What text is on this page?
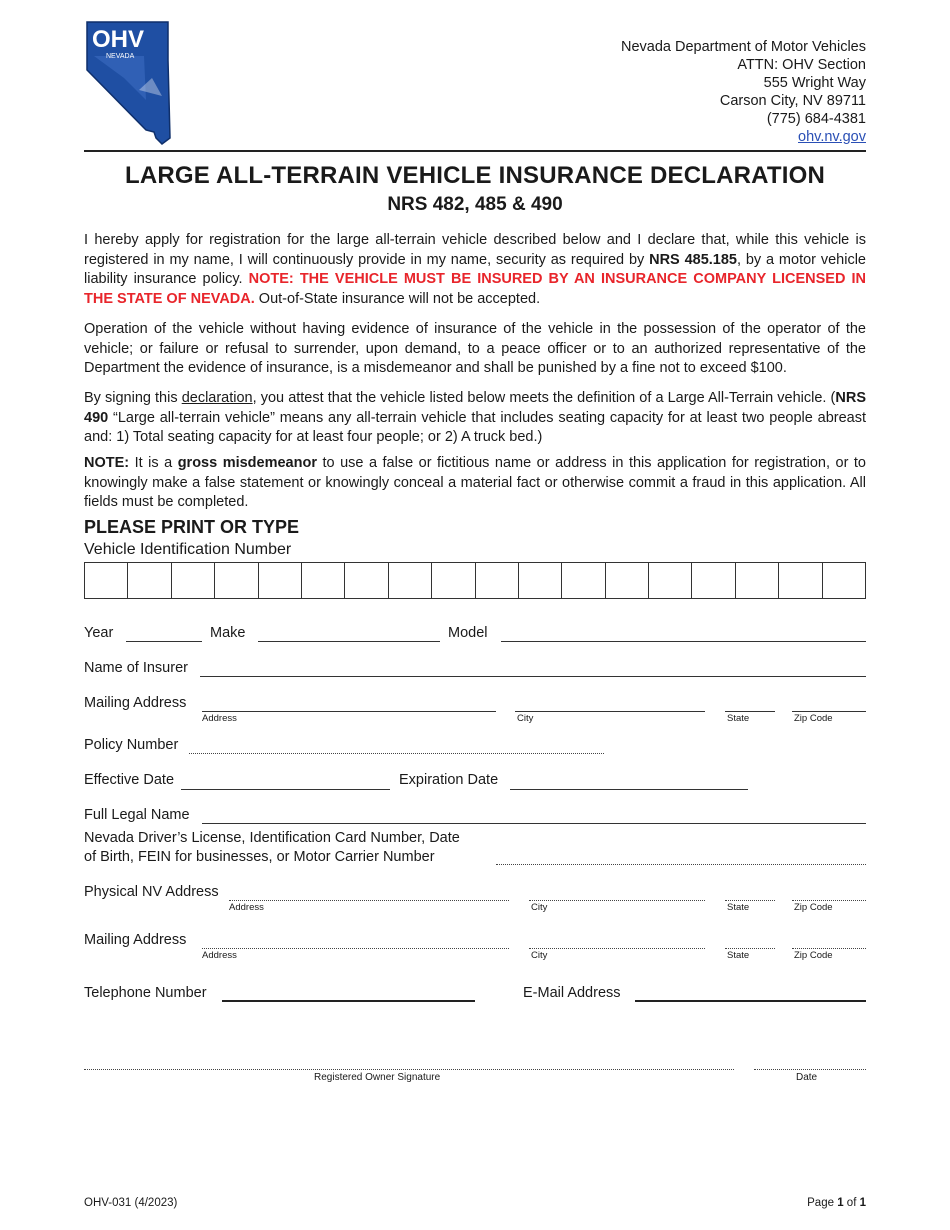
OHV
NEVADA
Nevada Department of Motor Vehicles
ATTN: OHV Section
555 Wright Way
Carson City, NV 89711
(775) 684-4381
ohv.nv.gov
LARGE ALL-TERRAIN VEHICLE INSURANCE DECLARATION
NRS 482, 485 & 490
I hereby apply for registration for the large all-terrain vehicle described below and I declare that, while this vehicle is registered in my name, I will continuously provide in my name, security as required by NRS 485.185, by a motor vehicle liability insurance policy. NOTE: THE VEHICLE MUST BE INSURED BY AN INSURANCE COMPANY LICENSED IN THE STATE OF NEVADA. Out-of-State insurance will not be accepted.
Operation of the vehicle without having evidence of insurance of the vehicle in the possession of the operator of the vehicle; or failure or refusal to surrender, upon demand, to a peace officer or to an authorized representative of the Department the evidence of insurance, is a misdemeanor and shall be punished by a fine not to exceed $100.
By signing this declaration, you attest that the vehicle listed below meets the definition of a Large All-Terrain vehicle. (NRS 490 “Large all-terrain vehicle” means any all-terrain vehicle that includes seating capacity for at least two people abreast and: 1) Total seating capacity for at least four people; or 2) A truck bed.)
NOTE: It is a gross misdemeanor to use a false or fictitious name or address in this application for registration, or to knowingly make a false statement or knowingly conceal a material fact or otherwise commit a fraud in this application. All fields must be completed.
PLEASE PRINT OR TYPE
Vehicle Identification Number
Year	Make	Model
Name of Insurer
Mailing Address
Address	City	State	Zip Code
Policy Number
Effective Date	Expiration Date
Full Legal Name
Nevada Driver’s License, Identification Card Number, Date
of Birth, FEIN for businesses, or Motor Carrier Number
Physical NV Address
Address	City	State	Zip Code
Mailing Address
Address	City	State	Zip Code
Telephone Number	E-Mail Address
Registered Owner Signature	Date
OHV-031 (4/2023)	Page 1 of 1
